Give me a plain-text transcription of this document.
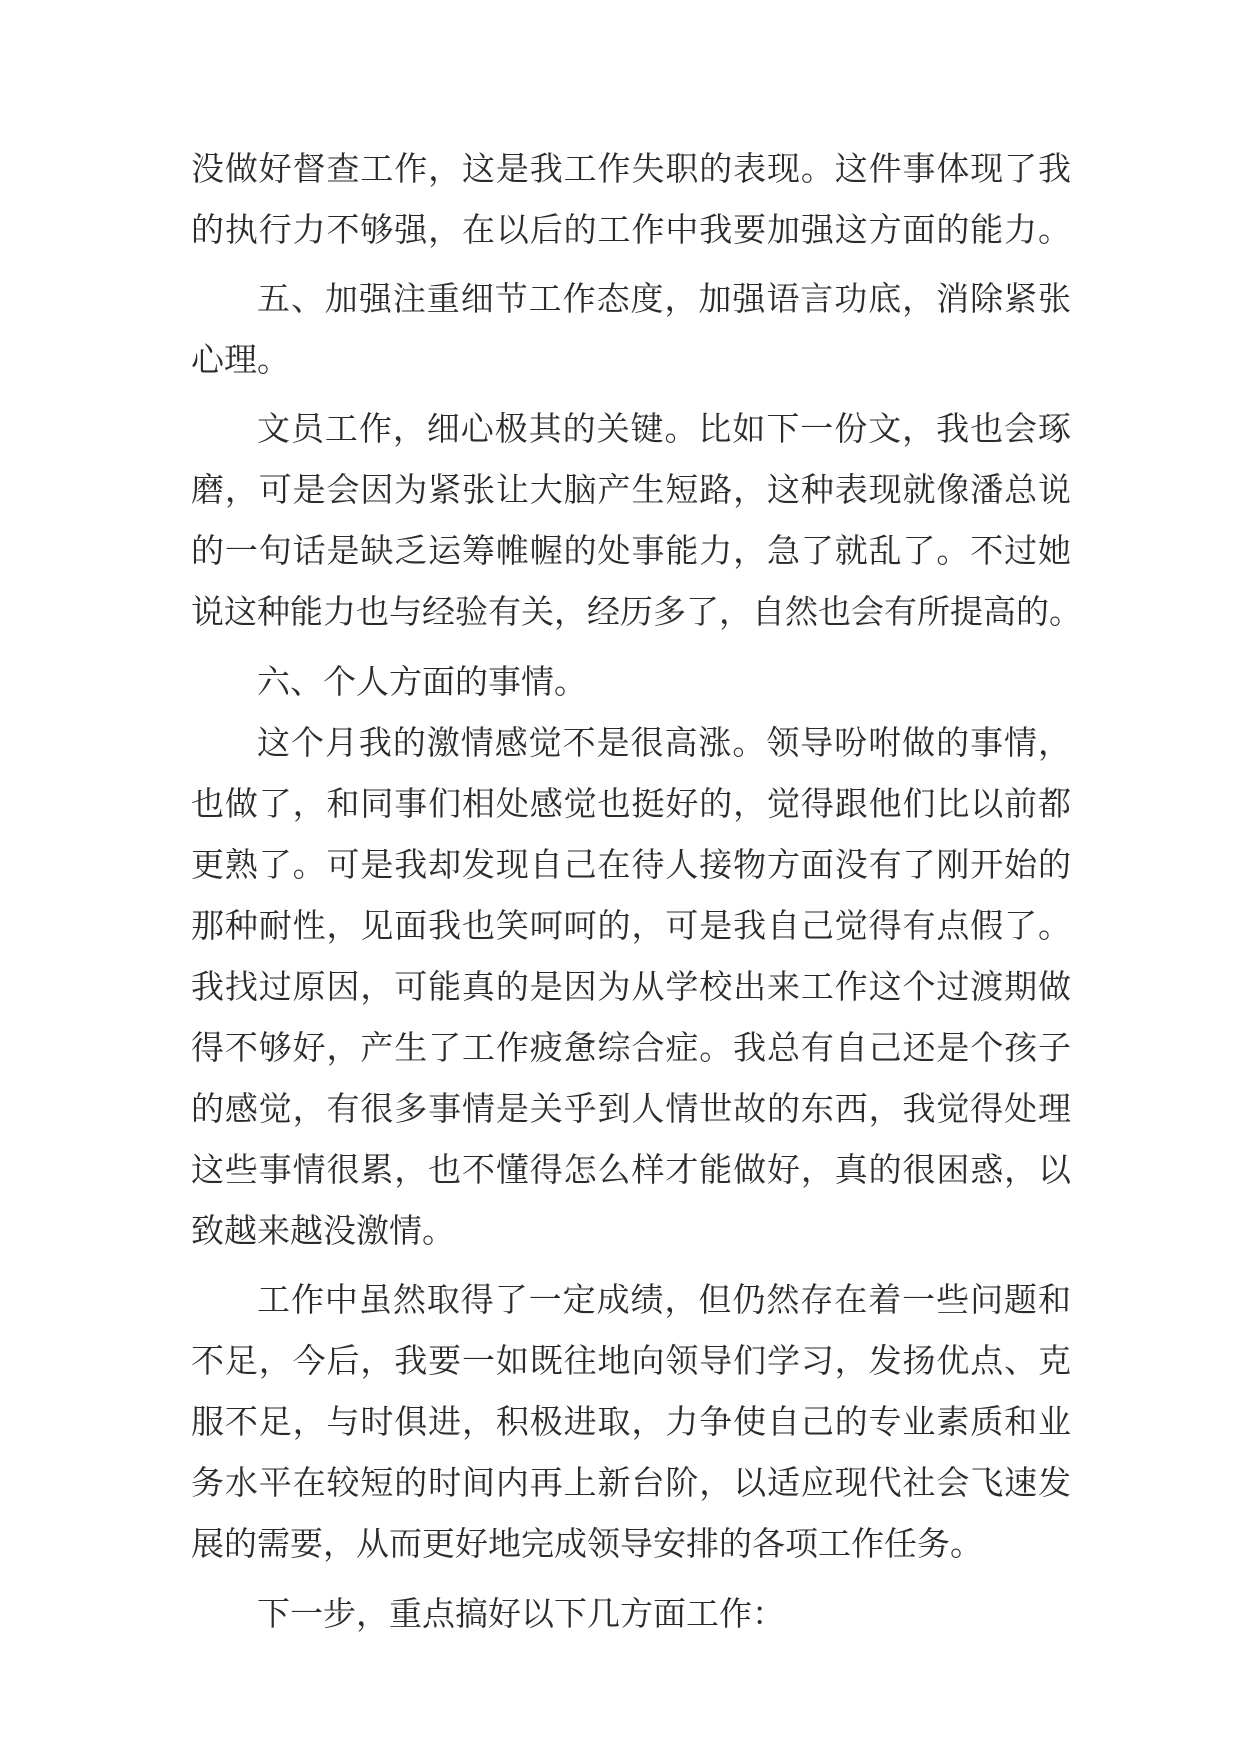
没做好督查工作，这是我工作失职的表现。这件事体现了我
的执行力不够强，在以后的工作中我要加强这方面的能力。
五、加强注重细节工作态度，加强语言功底，消除紧张
心理。
文员工作，细心极其的关键。比如下一份文，我也会琢
磨，可是会因为紧张让大脑产生短路，这种表现就像潘总说
的一句话是缺乏运筹帷幄的处事能力，急了就乱了。不过她
说这种能力也与经验有关，经历多了，自然也会有所提高的。
六、个人方面的事情。
这个月我的激情感觉不是很高涨。领导吩咐做的事情，
也做了，和同事们相处感觉也挺好的，觉得跟他们比以前都
更熟了。可是我却发现自己在待人接物方面没有了刚开始的
那种耐性，见面我也笑呵呵的，可是我自己觉得有点假了。
我找过原因，可能真的是因为从学校出来工作这个过渡期做
得不够好，产生了工作疲惫综合症。我总有自己还是个孩子
的感觉，有很多事情是关乎到人情世故的东西，我觉得处理
这些事情很累，也不懂得怎么样才能做好，真的很困惑，以
致越来越没激情。
工作中虽然取得了一定成绩，但仍然存在着一些问题和
不足，今后，我要一如既往地向领导们学习，发扬优点、克
服不足，与时俱进，积极进取，力争使自己的专业素质和业
务水平在较短的时间内再上新台阶，以适应现代社会飞速发
展的需要，从而更好地完成领导安排的各项工作任务。
下一步，重点搞好以下几方面工作：
